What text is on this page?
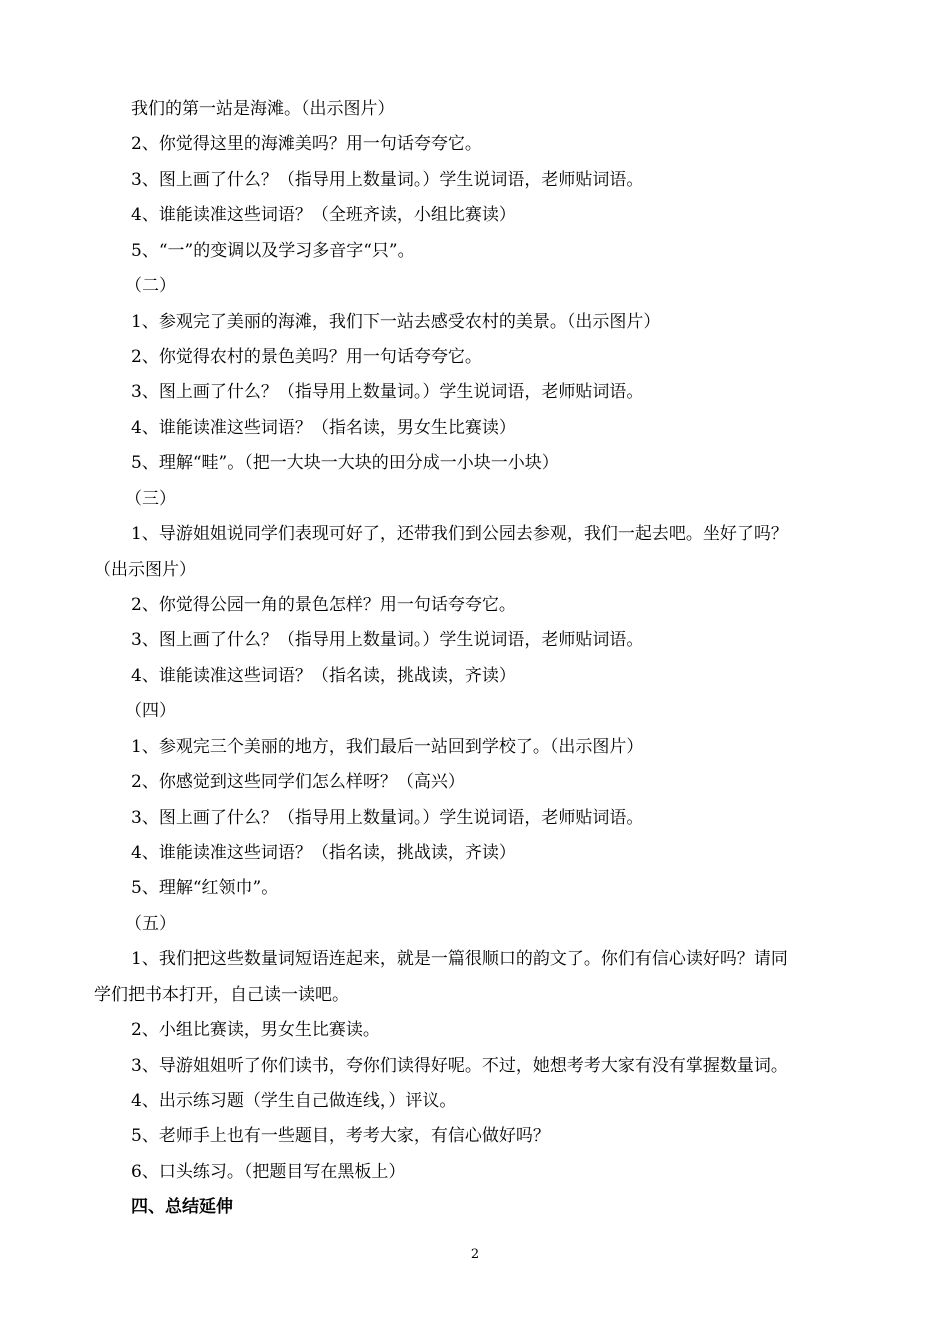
我们的第一站是海滩。（出示图片）
2、你觉得这里的海滩美吗？用一句话夸夸它。
3、图上画了什么？（指导用上数量词。）学生说词语，老师贴词语。
4、谁能读准这些词语？（全班齐读，小组比赛读）
5、“一”的变调以及学习多音字“只”。
（二）
1、参观完了美丽的海滩，我们下一站去感受农村的美景。（出示图片）
2、你觉得农村的景色美吗？用一句话夸夸它。
3、图上画了什么？（指导用上数量词。）学生说词语，老师贴词语。
4、谁能读准这些词语？（指名读，男女生比赛读）
5、理解“畦”。（把一大块一大块的田分成一小块一小块）
（三）
1、导游姐姐说同学们表现可好了，还带我们到公园去参观，我们一起去吧。坐好了吗？
（出示图片）
2、你觉得公园一角的景色怎样？用一句话夸夸它。
3、图上画了什么？（指导用上数量词。）学生说词语，老师贴词语。
4、谁能读准这些词语？（指名读，挑战读，齐读）
（四）
1、参观完三个美丽的地方，我们最后一站回到学校了。（出示图片）
2、你感觉到这些同学们怎么样呀？（高兴）
3、图上画了什么？（指导用上数量词。）学生说词语，老师贴词语。
4、谁能读准这些词语？（指名读，挑战读，齐读）
5、理解“红领巾”。
（五）
1、我们把这些数量词短语连起来，就是一篇很顺口的韵文了。你们有信心读好吗？请同
学们把书本打开，自己读一读吧。
2、小组比赛读，男女生比赛读。
3、导游姐姐听了你们读书，夸你们读得好呢。不过，她想考考大家有没有掌握数量词。
4、出示练习题（学生自己做连线，）评议。
5、老师手上也有一些题目，考考大家，有信心做好吗？
6、口头练习。（把题目写在黑板上）
四、总结延伸
2
